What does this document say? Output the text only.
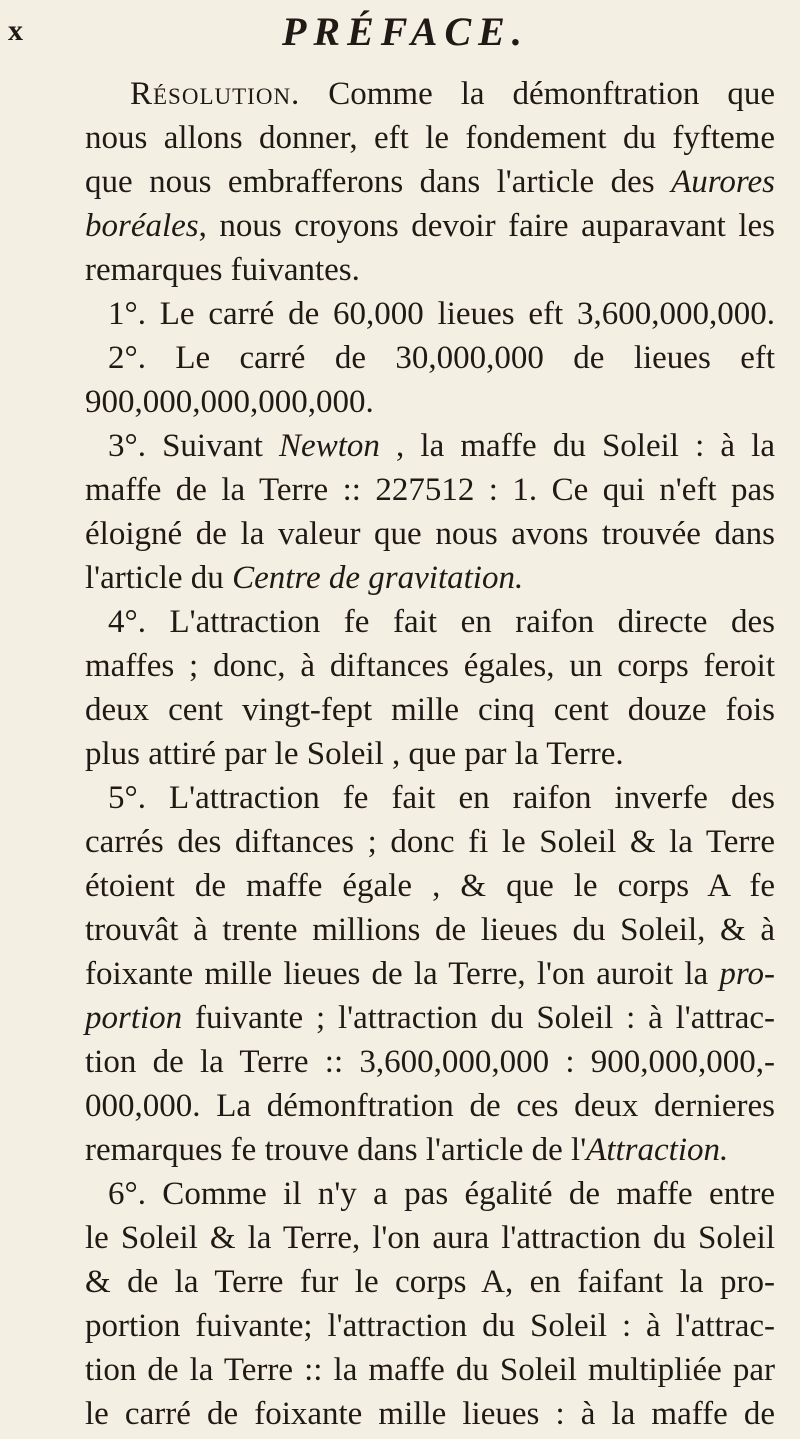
x	PRÉFACE.
Résolution. Comme la démonftration que
nous allons donner, eft le fondement du fyfteme
que nous embrafferons dans l'article des Aurores
boréales, nous croyons devoir faire auparavant les
remarques fuivantes.
1°. Le carré de 60,000 lieues eft 3,600,000,000.
2°. Le carré de 30,000,000 de lieues eft
900,000,000,000,000.
3°. Suivant Newton , la maffe du Soleil : à la
maffe de la Terre :: 227512 : 1. Ce qui n'eft pas
éloigné de la valeur que nous avons trouvée dans
l'article du Centre de gravitation.
4°. L'attraction fe fait en raifon directe des
maffes ; donc, à diftances égales, un corps feroit
deux cent vingt-fept mille cinq cent douze fois
plus attiré par le Soleil , que par la Terre.
5°. L'attraction fe fait en raifon inverfe des
carrés des diftances ; donc fi le Soleil & la Terre
étoient de maffe égale , & que le corps A fe
trouvât à trente millions de lieues du Soleil, & à
foixante mille lieues de la Terre, l'on auroit la pro-
portion fuivante ; l'attraction du Soleil : à l'attrac-
tion de la Terre :: 3,600,000,000 : 900,000,000,-
000,000. La démonftration de ces deux dernieres
remarques fe trouve dans l'article de l'Attraction.
6°. Comme il n'y a pas égalité de maffe entre
le Soleil & la Terre, l'on aura l'attraction du Soleil
& de la Terre fur le corps A, en faifant la pro-
portion fuivante; l'attraction du Soleil : à l'attrac-
tion de la Terre :: la maffe du Soleil multipliée par
le carré de foixante mille lieues : à la maffe de
